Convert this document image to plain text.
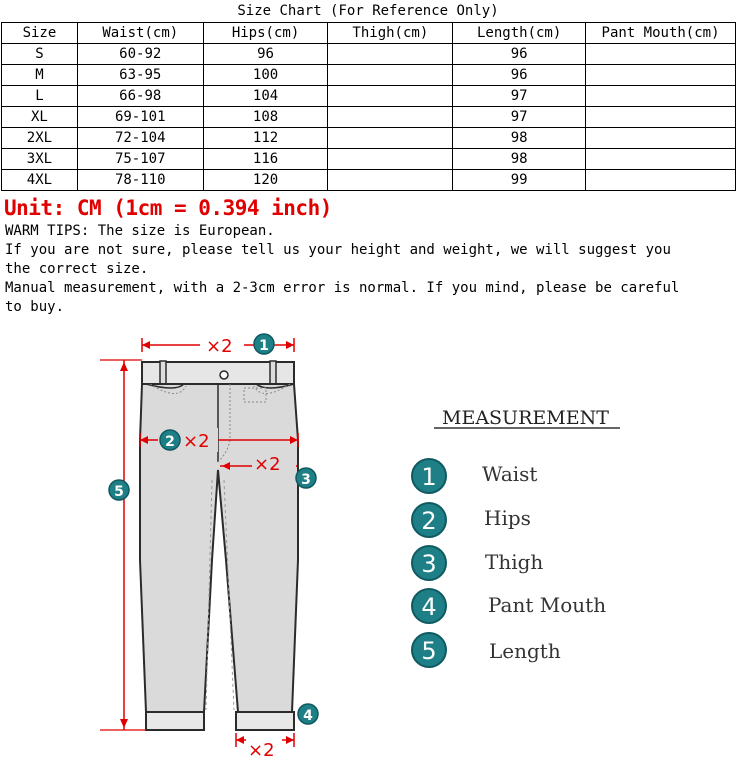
Size Chart (For Reference Only)
Size	Waist(cm)	Hips(cm)	Thigh(cm)	Length(cm)	Pant Mouth(cm)
S	60-92	96		96	
M	63-95	100		96	
L	66-98	104		97	
XL	69-101	108		97	
2XL	72-104	112		98	
3XL	75-107	116		98	
4XL	78-110	120		99	
Unit: CM (1cm = 0.394 inch)
WARM TIPS: The size is European.
If you are not sure, please tell us your height and weight, we will suggest you
the correct size.
Manual measurement, with a 2-3cm error is normal. If you mind, please be careful
to buy.
×2 1
2 ×2
×2
3
5
×2
4
MEASUREMENT
1 Waist
2 Hips
3 Thigh
4	Pant Mouth
5	Length
